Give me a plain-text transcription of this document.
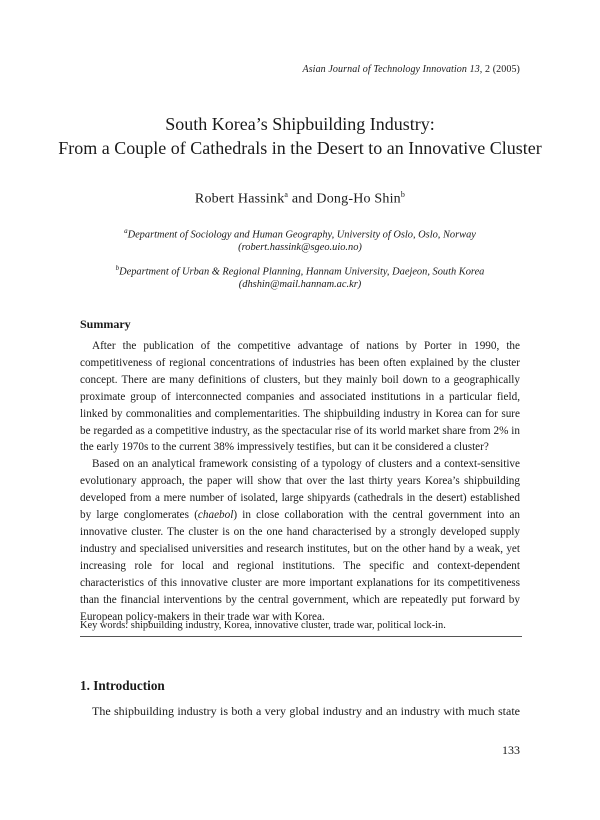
Asian Journal of Technology Innovation 13, 2 (2005)
South Korea’s Shipbuilding Industry:
From a Couple of Cathedrals in the Desert to an Innovative Cluster
Robert Hassink$^a$ and Dong-Ho Shin$^b$
$^a$Department of Sociology and Human Geography, University of Oslo, Oslo, Norway
(robert.hassink@sgeo.uio.no)
$^b$Department of Urban & Regional Planning, Hannam University, Daejeon, South Korea
(dhshin@mail.hannam.ac.kr)
Summary

After the publication of the competitive advantage of nations by Porter in 1990, the competitiveness of regional concentrations of industries has been often explained by the cluster concept. There are many definitions of clusters, but they mainly boil down to a geographically proximate group of interconnected companies and associated institutions in a particular field, linked by commonalities and complementarities. The shipbuilding industry in Korea can for sure be regarded as a competitive industry, as the spectacular rise of its world market share from 2% in the early 1970s to the current 38% impressively testifies, but can it be considered a cluster?

Based on an analytical framework consisting of a typology of clusters and a context-sensitive evolutionary approach, the paper will show that over the last thirty years Korea’s shipbuilding developed from a mere number of isolated, large shipyards (cathedrals in the desert) established by large conglomerates (chaebol) in close collaboration with the central government into an innovative cluster. The cluster is on the one hand characterised by a strongly developed supply industry and specialised universities and research institutes, but on the other hand by a weak, yet increasing role for local and regional institutions. The specific and context-dependent characteristics of this innovative cluster are more important explanations for its competitiveness than the financial interventions by the central government, which are repeatedly put forward by European policy-makers in their trade war with Korea.

Key words: shipbuilding industry, Korea, innovative cluster, trade war, political lock-in.
1. Introduction

The shipbuilding industry is both a very global industry and an industry with much state

133
